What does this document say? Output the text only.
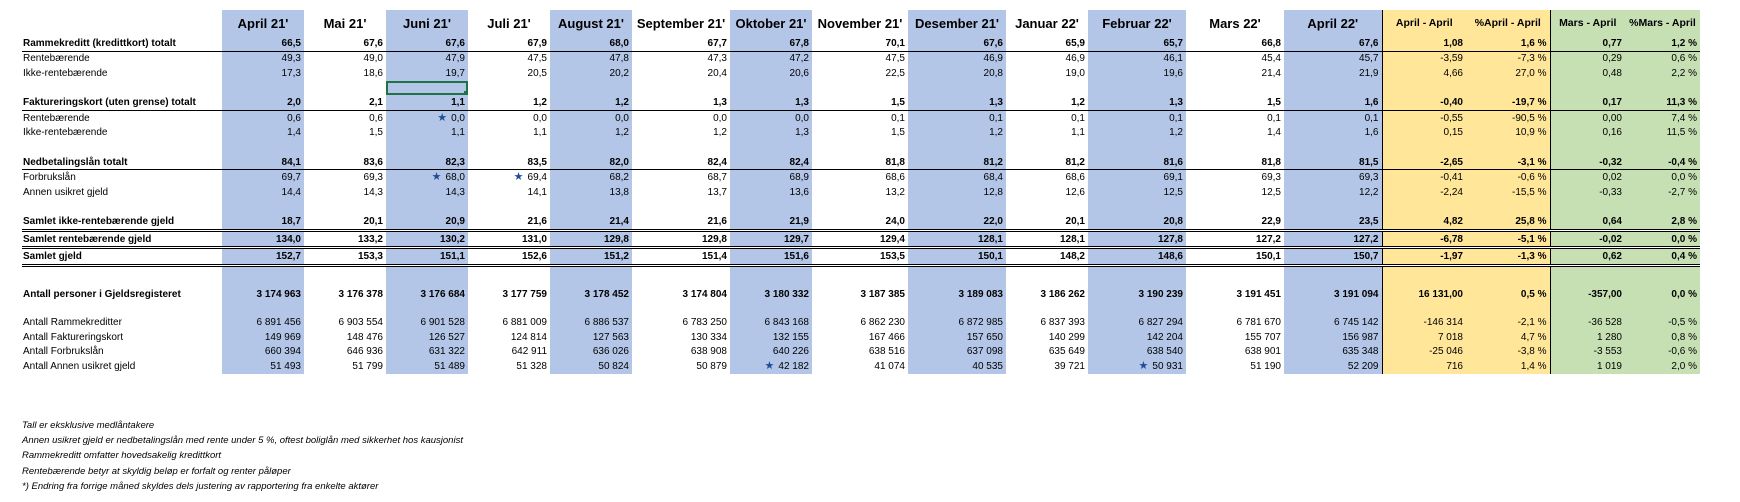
	April 21'	Mai 21'	Juni 21'	Juli 21'	August 21'	September 21'	Oktober 21'	November 21'	Desember 21'	Januar 22'	Februar 22'	Mars 22'	April 22'	April - April	%April - April	Mars - April	%Mars - April
Rammekreditt (kredittkort) totalt	66,5	67,6	67,6	67,9	68,0	67,7	67,8	70,1	67,6	65,9	65,7	66,8	67,6	1,08	1,6 %	0,77	1,2 %
Rentebærende	49,3	49,0	47,9	47,5	47,8	47,3	47,2	47,5	46,9	46,9	46,1	45,4	45,7	-3,59	-7,3 %	0,29	0,6 %
Ikke-rentebærende	17,3	18,6	19,7	20,5	20,2	20,4	20,6	22,5	20,8	19,0	19,6	21,4	21,9	4,66	27,0 %	0,48	2,2 %

Faktureringskort (uten grense) totalt	2,0	2,1	1,1	1,2	1,2	1,3	1,3	1,5	1,3	1,2	1,3	1,5	1,6	-0,40	-19,7 %	0,17	11,3 %
Rentebærende	0,6	0,6	★ 0,0	0,0	0,0	0,0	0,0	0,1	0,1	0,1	0,1	0,1	0,1	-0,55	-90,5 %	0,00	7,4 %
Ikke-rentebærende	1,4	1,5	1,1	1,1	1,2	1,2	1,3	1,5	1,2	1,1	1,2	1,4	1,6	0,15	10,9 %	0,16	11,5 %

Nedbetalingslån totalt	84,1	83,6	82,3	83,5	82,0	82,4	82,4	81,8	81,2	81,2	81,6	81,8	81,5	-2,65	-3,1 %	-0,32	-0,4 %
Forbrukslån	69,7	69,3	★ 68,0	★ 69,4	68,2	68,7	68,9	68,6	68,4	68,6	69,1	69,3	69,3	-0,41	-0,6 %	0,02	0,0 %
Annen usikret gjeld	14,4	14,3	14,3	14,1	13,8	13,7	13,6	13,2	12,8	12,6	12,5	12,5	12,2	-2,24	-15,5 %	-0,33	-2,7 %

Samlet ikke-rentebærende gjeld	18,7	20,1	20,9	21,6	21,4	21,6	21,9	24,0	22,0	20,1	20,8	22,9	23,5	4,82	25,8 %	0,64	2,8 %
Samlet rentebærende gjeld	134,0	133,2	130,2	131,0	129,8	129,8	129,7	129,4	128,1	128,1	127,8	127,2	127,2	-6,78	-5,1 %	-0,02	0,0 %
Samlet gjeld	152,7	153,3	151,1	152,6	151,2	151,4	151,6	153,5	150,1	148,2	148,6	150,1	150,7	-1,97	-1,3 %	0,62	0,4 %
Antall personer i Gjeldsregisteret	3 174 963	3 176 378	3 176 684	3 177 759	3 178 452	3 174 804	3 180 332	3 187 385	3 189 083	3 186 262	3 190 239	3 191 451	3 191 094	16 131,00	0,5 %	-357,00	0,0 %

Antall Rammekreditter	6 891 456	6 903 554	6 901 528	6 881 009	6 886 537	6 783 250	6 843 168	6 862 230	6 872 985	6 837 393	6 827 294	6 781 670	6 745 142	-146 314	-2,1 %	-36 528	-0,5 %
Antall Faktureringskort	149 969	148 476	126 527	124 814	127 563	130 334	132 155	167 466	157 650	140 299	142 204	155 707	156 987	7 018	4,7 %	1 280	0,8 %
Antall Forbrukslån	660 394	646 936	631 322	642 911	636 026	638 908	640 226	638 516	637 098	635 649	638 540	638 901	635 348	-25 046	-3,8 %	-3 553	-0,6 %
Antall Annen usikret gjeld	51 493	51 799	51 489	51 328	50 824	50 879	★ 42 182	41 074	40 535	39 721	★ 50 931	51 190	52 209	716	1,4 %	1 019	2,0 %
Tall er eksklusive medlåntakere
Annen usikret gjeld er nedbetalingslån med rente under 5 %, oftest boliglån med sikkerhet hos kausjonist
Rammekreditt omfatter hovedsakelig kredittkort
Rentebærende betyr at skyldig beløp er forfalt og renter påløper
*) Endring fra forrige måned skyldes dels justering av rapportering fra enkelte aktører
